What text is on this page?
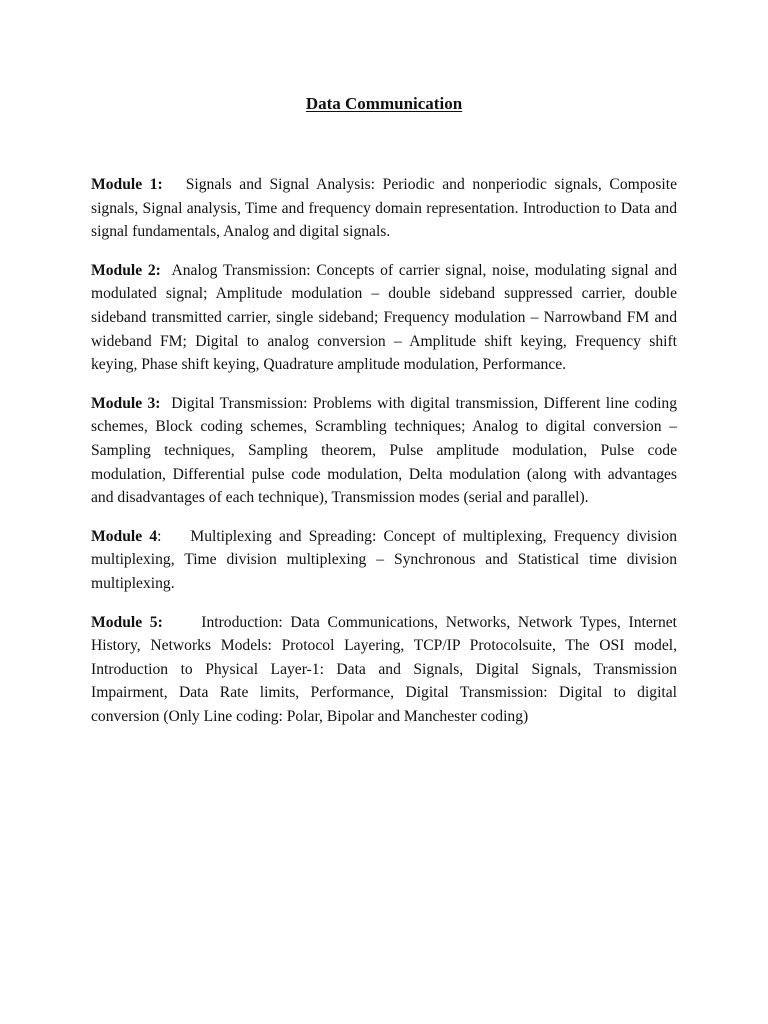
Data Communication

Module 1: Signals and Signal Analysis: Periodic and nonperiodic signals, Composite signals, Signal analysis, Time and frequency domain representation. Introduction to Data and signal fundamentals, Analog and digital signals.

Module 2: Analog Transmission: Concepts of carrier signal, noise, modulating signal and modulated signal; Amplitude modulation – double sideband suppressed carrier, double sideband transmitted carrier, single sideband; Frequency modulation – Narrowband FM and wideband FM; Digital to analog conversion – Amplitude shift keying, Frequency shift keying, Phase shift keying, Quadrature amplitude modulation, Performance.

Module 3: Digital Transmission: Problems with digital transmission, Different line coding schemes, Block coding schemes, Scrambling techniques; Analog to digital conversion – Sampling techniques, Sampling theorem, Pulse amplitude modulation, Pulse code modulation, Differential pulse code modulation, Delta modulation (along with advantages and disadvantages of each technique), Transmission modes (serial and parallel).

Module 4:    Multiplexing and Spreading: Concept of multiplexing, Frequency division multiplexing, Time division multiplexing – Synchronous and Statistical time division multiplexing.

Module 5: Introduction: Data Communications, Networks, Network Types, Internet History, Networks Models: Protocol Layering, TCP/IP Protocolsuite, The OSI model, Introduction to Physical Layer-1: Data and Signals, Digital Signals, Transmission Impairment, Data Rate limits, Performance, Digital Transmission: Digital to digital conversion (Only Line coding: Polar, Bipolar and Manchester coding)
